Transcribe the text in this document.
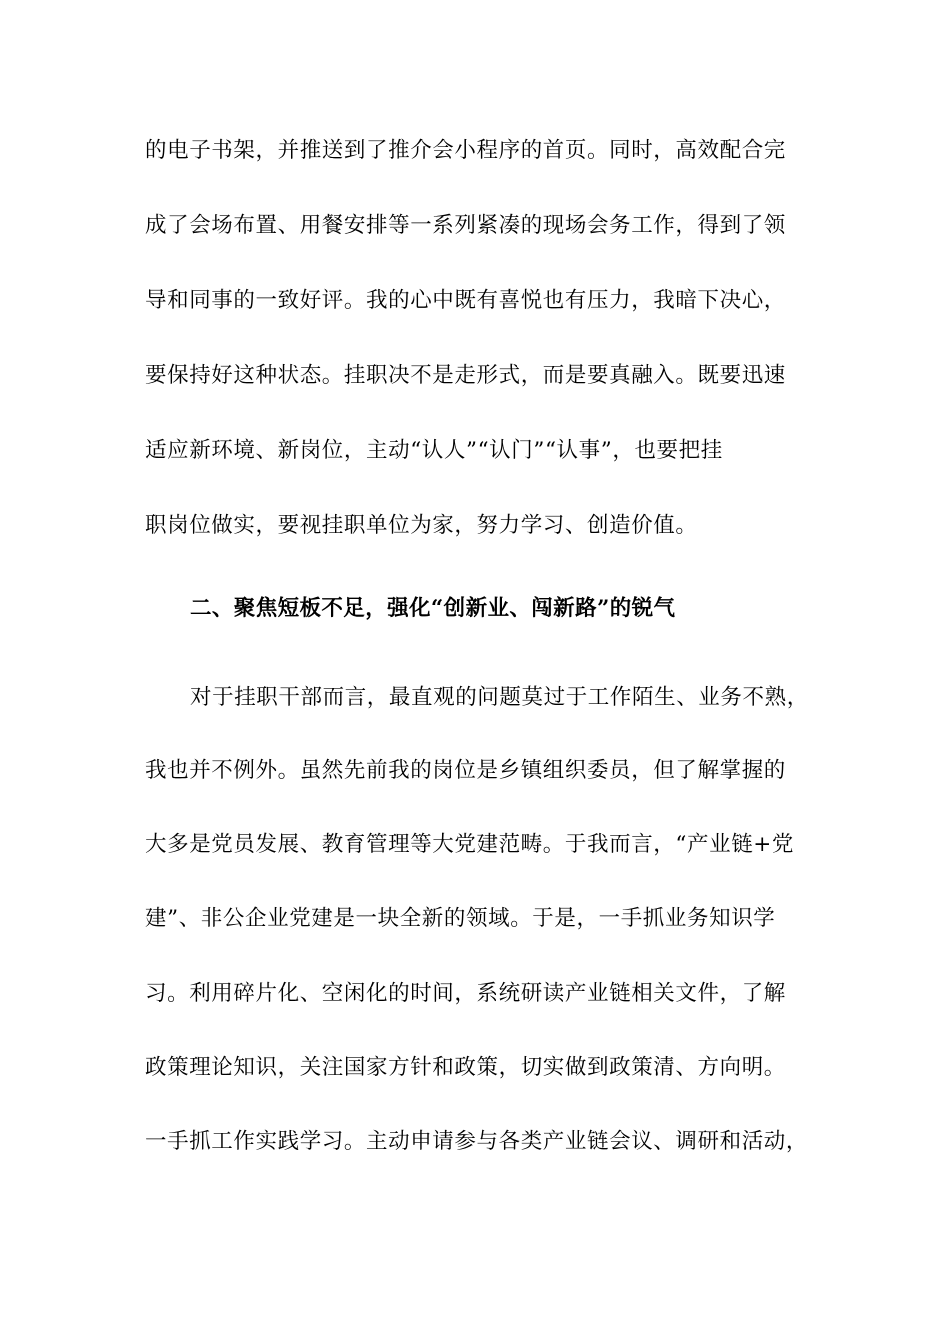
的电子书架，并推送到了推介会小程序的首页。同时，高效配合完
成了会场布置、用餐安排等一系列紧凑的现场会务工作，得到了领
导和同事的一致好评。我的心中既有喜悦也有压力，我暗下决心，
要保持好这种状态。挂职决不是走形式，而是要真融入。既要迅速
适应新环境、新岗位，主动“认人”“认门”“认事”，也要把挂
职岗位做实，要视挂职单位为家，努力学习、创造价值。
二、聚焦短板不足，强化“创新业、闯新路”的锐气
对于挂职干部而言，最直观的问题莫过于工作陌生、业务不熟，
我也并不例外。虽然先前我的岗位是乡镇组织委员，但了解掌握的
大多是党员发展、教育管理等大党建范畴。于我而言，“产业链+党
建”、非公企业党建是一块全新的领域。于是，一手抓业务知识学
习。利用碎片化、空闲化的时间，系统研读产业链相关文件，了解
政策理论知识，关注国家方针和政策，切实做到政策清、方向明。
一手抓工作实践学习。主动申请参与各类产业链会议、调研和活动，
